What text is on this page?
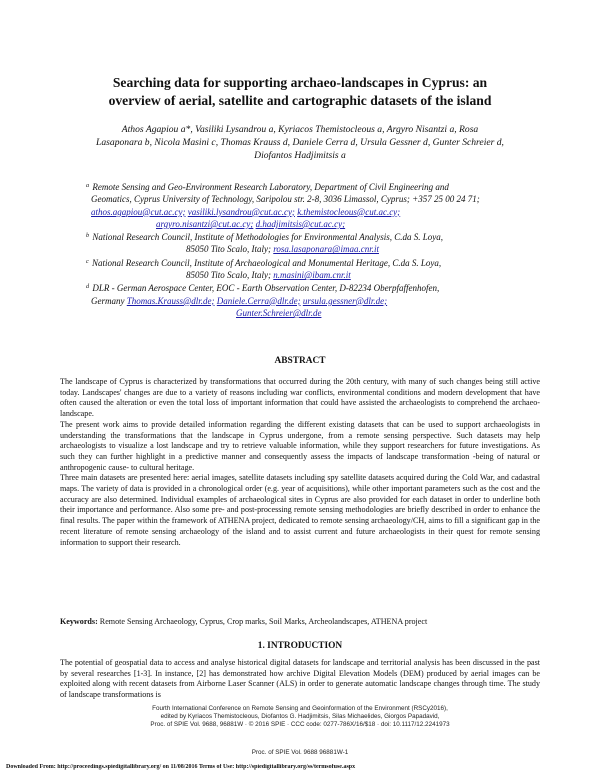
Searching data for supporting archaeo-landscapes in Cyprus: an
overview of aerial, satellite and cartographic datasets of the island
Athos Agapiou a*, Vasiliki Lysandrou a, Kyriacos Themistocleous a, Argyro Nisantzi a, Rosa
Lasaponara b, Nicola Masini c, Thomas Krauss d, Daniele Cerra d, Ursula Gessner d, Gunter Schreier d,
Diofantos Hadjimitsis a

$^a$ Remote Sensing and Geo-Environment Research Laboratory, Department of Civil Engineering and
Geomatics, Cyprus University of Technology, Saripolou str. 2-8, 3036 Limassol, Cyprus; +357 25 00 24 71; athos.agapiou@cut.ac.cy; vasiliki.lysandrou@cut.ac.cy; k.themistocleous@cut.ac.cy;
argyro.nisantzi@cut.ac.cy; d.hadjimitsis@cut.ac.cy;

$^b$ National Research Council, Institute of Methodologies for Environmental Analysis, C.da S. Loya,
85050 Tito Scalo, Italy; rosa.lasaponara@imaa.cnr.it

$^c$ National Research Council, Institute of Archaeological and Monumental Heritage, C.da S. Loya,
85050 Tito Scalo, Italy; n.masini@ibam.cnr.it

$^d$ DLR - German Aerospace Center, EOC - Earth Observation Center, D-82234 Oberpfaffenhofen,
Germany Thomas.Krauss@dlr.de; Daniele.Cerra@dlr.de; ursula.gessner@dlr.de;
Gunter.Schreier@dlr.de

ABSTRACT

The landscape of Cyprus is characterized by transformations that occurred during the 20th century, with many of such changes being still active today. Landscapes' changes are due to a variety of reasons including war conflicts, environmental conditions and modern development that have often caused the alteration or even the total loss of important information that could have assisted the archaeologists to comprehend the archaeo-landscape.

The present work aims to provide detailed information regarding the different existing datasets that can be used to support archaeologists in understanding the transformations that the landscape in Cyprus undergone, from a remote sensing perspective. Such datasets may help archaeologists to visualize a lost landscape and try to retrieve valuable information, while they support researchers for future investigations. As such they can further highlight in a predictive manner and consequently assess the impacts of landscape transformation -being of natural or anthropogenic cause- to cultural heritage.

Three main datasets are presented here: aerial images, satellite datasets including spy satellite datasets acquired during the Cold War, and cadastral maps. The variety of data is provided in a chronological order (e.g. year of acquisitions), while other important parameters such as the cost and the accuracy are also determined. Individual examples of archaeological sites in Cyprus are also provided for each dataset in order to underline both their importance and performance. Also some pre- and post-processing remote sensing methodologies are briefly described in order to enhance the final results. The paper within the framework of ATHENA project, dedicated to remote sensing archaeology/CH, aims to fill a significant gap in the recent literature of remote sensing archaeology of the island and to assist current and future archaeologists in their quest for remote sensing information to support their research.

Keywords: Remote Sensing Archaeology, Cyprus, Crop marks, Soil Marks, Archeolandscapes, ATHENA project
1. INTRODUCTION

The potential of geospatial data to access and analyse historical digital datasets for landscape and territorial analysis has been discussed in the past by several researches [1-3]. In instance, [2] has demonstrated how archive Digital Elevation Models (DEM) produced by aerial images can be exploited along with recent datasets from Airborne Laser Scanner (ALS) in order to generate automatic landscape changes through time. The study of landscape transformations is

Fourth International Conference on Remote Sensing and Geoinformation of the Environment (RSCy2016),
edited by Kyriacos Themistocleous, Diofantos G. Hadjimitsis, Silas Michaelides, Giorgos Papadavid,
Proc. of SPIE Vol. 9688, 96881W · © 2016 SPIE · CCC code: 0277-786X/16/$18 · doi: 10.1117/12.2241973
Proc. of SPIE Vol. 9688 96881W-1
Downloaded From: http://proceedings.spiedigitallibrary.org/ on 11/08/2016 Terms of Use: http://spiedigitallibrary.org/ss/termsofuse.aspx
